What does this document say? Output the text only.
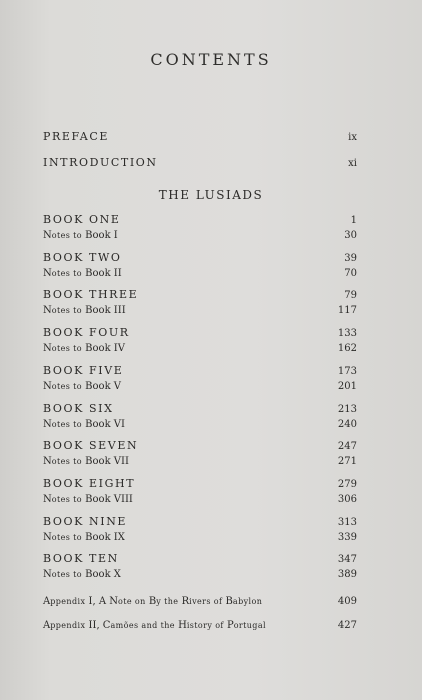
CONTENTS
PREFACE	ix
INTRODUCTION	xi
THE LUSIADS
BOOK ONE	1
Notes to Book I	30
BOOK TWO	39
Notes to Book II	70
BOOK THREE	79
Notes to Book III	117
BOOK FOUR	133
Notes to Book IV	162
BOOK FIVE	173
Notes to Book V	201
BOOK SIX	213
Notes to Book VI	240
BOOK SEVEN	247
Notes to Book VII	271
BOOK EIGHT	279
Notes to Book VIII	306
BOOK NINE	313
Notes to Book IX	339
BOOK TEN	347
Notes to Book X	389
Appendix I, A Note on By the Rivers of Babylon	409
Appendix II, Camões and the History of Portugal	427
